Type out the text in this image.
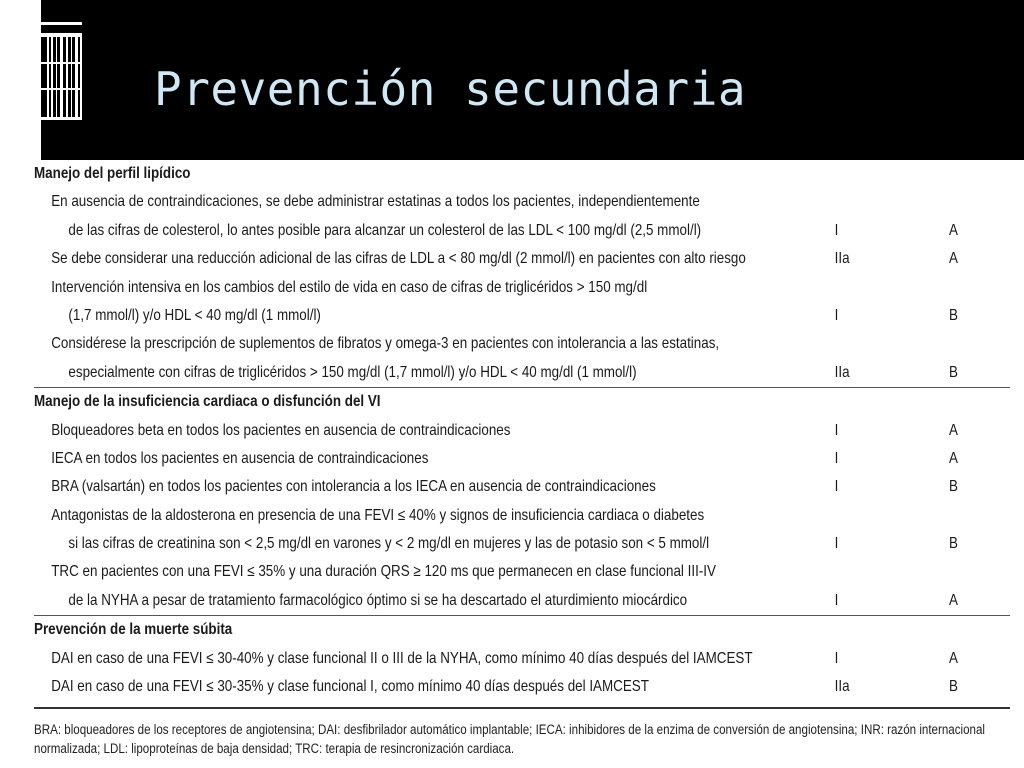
Prevención secundaria
Manejo del perfil lipídico
En ausencia de contraindicaciones, se debe administrar estatinas a todos los pacientes, independientemente
de las cifras de colesterol, lo antes posible para alcanzar un colesterol de las LDL < 100 mg/dl (2,5 mmol/l)	I	A
Se debe considerar una reducción adicional de las cifras de LDL a < 80 mg/dl (2 mmol/l) en pacientes con alto riesgo	IIa	A
Intervención intensiva en los cambios del estilo de vida en caso de cifras de triglicéridos > 150 mg/dl
(1,7 mmol/l) y/o HDL < 40 mg/dl (1 mmol/l)	I	B
Considérese la prescripción de suplementos de fibratos y omega-3 en pacientes con intolerancia a las estatinas,
especialmente con cifras de triglicéridos > 150 mg/dl (1,7 mmol/l) y/o HDL < 40 mg/dl (1 mmol/l)	IIa	B
Manejo de la insuficiencia cardiaca o disfunción del VI
Bloqueadores beta en todos los pacientes en ausencia de contraindicaciones	I	A
IECA en todos los pacientes en ausencia de contraindicaciones	I	A
BRA (valsartán) en todos los pacientes con intolerancia a los IECA en ausencia de contraindicaciones	I	B
Antagonistas de la aldosterona en presencia de una FEVI ≤ 40% y signos de insuficiencia cardiaca o diabetes
si las cifras de creatinina son < 2,5 mg/dl en varones y < 2 mg/dl en mujeres y las de potasio son < 5 mmol/l	I	B
TRC en pacientes con una FEVI ≤ 35% y una duración QRS ≥ 120 ms que permanecen en clase funcional III-IV
de la NYHA a pesar de tratamiento farmacológico óptimo si se ha descartado el aturdimiento miocárdico	I	A
Prevención de la muerte súbita
DAI en caso de una FEVI ≤ 30-40% y clase funcional II o III de la NYHA, como mínimo 40 días después del IAMCEST	I	A
DAI en caso de una FEVI ≤ 30-35% y clase funcional I, como mínimo 40 días después del IAMCEST	IIa	B

BRA: bloqueadores de los receptores de angiotensina; DAI: desfibrilador automático implantable; IECA: inhibidores de la enzima de conversión de angiotensina; INR: razón internacional normalizada; LDL: lipoproteínas de baja densidad; TRC: terapia de resincronización cardiaca.
